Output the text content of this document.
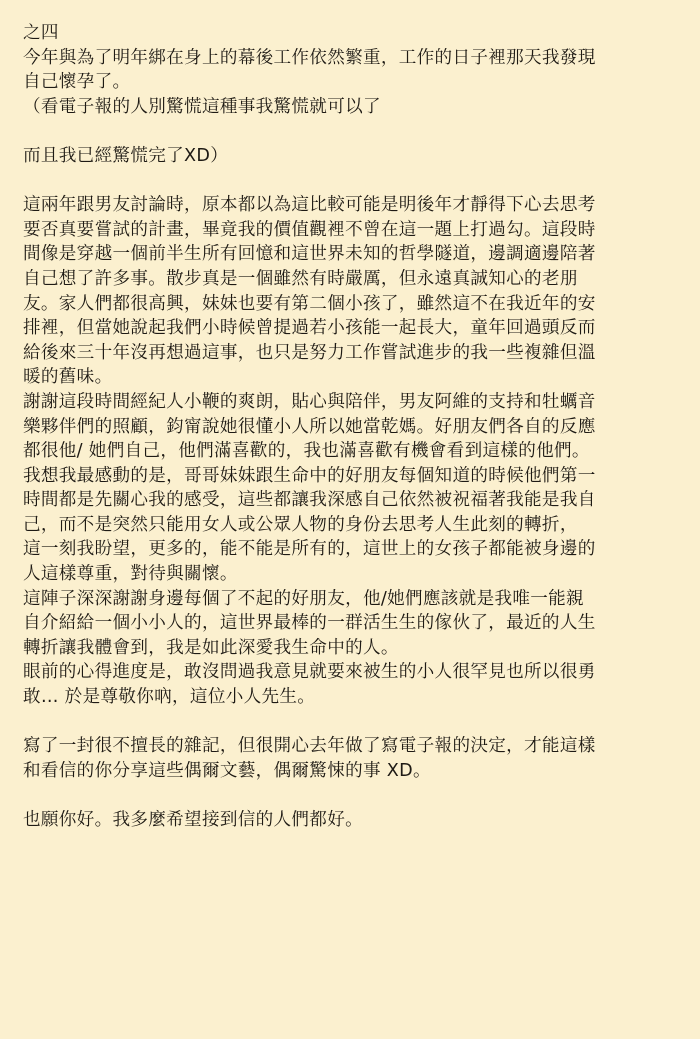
之四
今年與為了明年綁在身上的幕後工作依然繁重，工作的日子裡那天我發現
自己懷孕了。
（看電子報的人別驚慌這種事我驚慌就可以了
而且我已經驚慌完了XD）
這兩年跟男友討論時，原本都以為這比較可能是明後年才靜得下心去思考
要否真要嘗試的計畫，畢竟我的價值觀裡不曾在這一題上打過勾。這段時
間像是穿越一個前半生所有回憶和這世界未知的哲學隧道，邊調適邊陪著
自己想了許多事。散步真是一個雖然有時嚴厲，但永遠真誠知心的老朋
友。家人們都很高興，妹妹也要有第二個小孩了，雖然這不在我近年的安
排裡，但當她說起我們小時候曾提過若小孩能一起長大，童年回過頭反而
給後來三十年沒再想過這事，也只是努力工作嘗試進步的我一些複雜但溫
暖的舊味。
謝謝這段時間經紀人小鞭的爽朗，貼心與陪伴，男友阿維的支持和牡蠣音
樂夥伴們的照顧，鈞甯說她很懂小人所以她當乾媽。好朋友們各自的反應
都很他/ 她們自己，他們滿喜歡的，我也滿喜歡有機會看到這樣的他們。
我想我最感動的是，哥哥妹妹跟生命中的好朋友每個知道的時候他們第一
時間都是先關心我的感受，這些都讓我深感自己依然被祝福著我能是我自
己，而不是突然只能用女人或公眾人物的身份去思考人生此刻的轉折，
這一刻我盼望，更多的，能不能是所有的，這世上的女孩子都能被身邊的
人這樣尊重，對待與關懷。
這陣子深深謝謝身邊每個了不起的好朋友，他/她們應該就是我唯一能親
自介紹給一個小小人的，這世界最棒的一群活生生的傢伙了，最近的人生
轉折讓我體會到，我是如此深愛我生命中的人。
眼前的心得進度是，敢沒問過我意見就要來被生的小人很罕見也所以很勇
敢… 於是尊敬你吶，這位小人先生。
寫了一封很不擅長的雜記，但很開心去年做了寫電子報的決定，才能這樣
和看信的你分享這些偶爾文藝，偶爾驚悚的事 XD。
也願你好。我多麼希望接到信的人們都好。
